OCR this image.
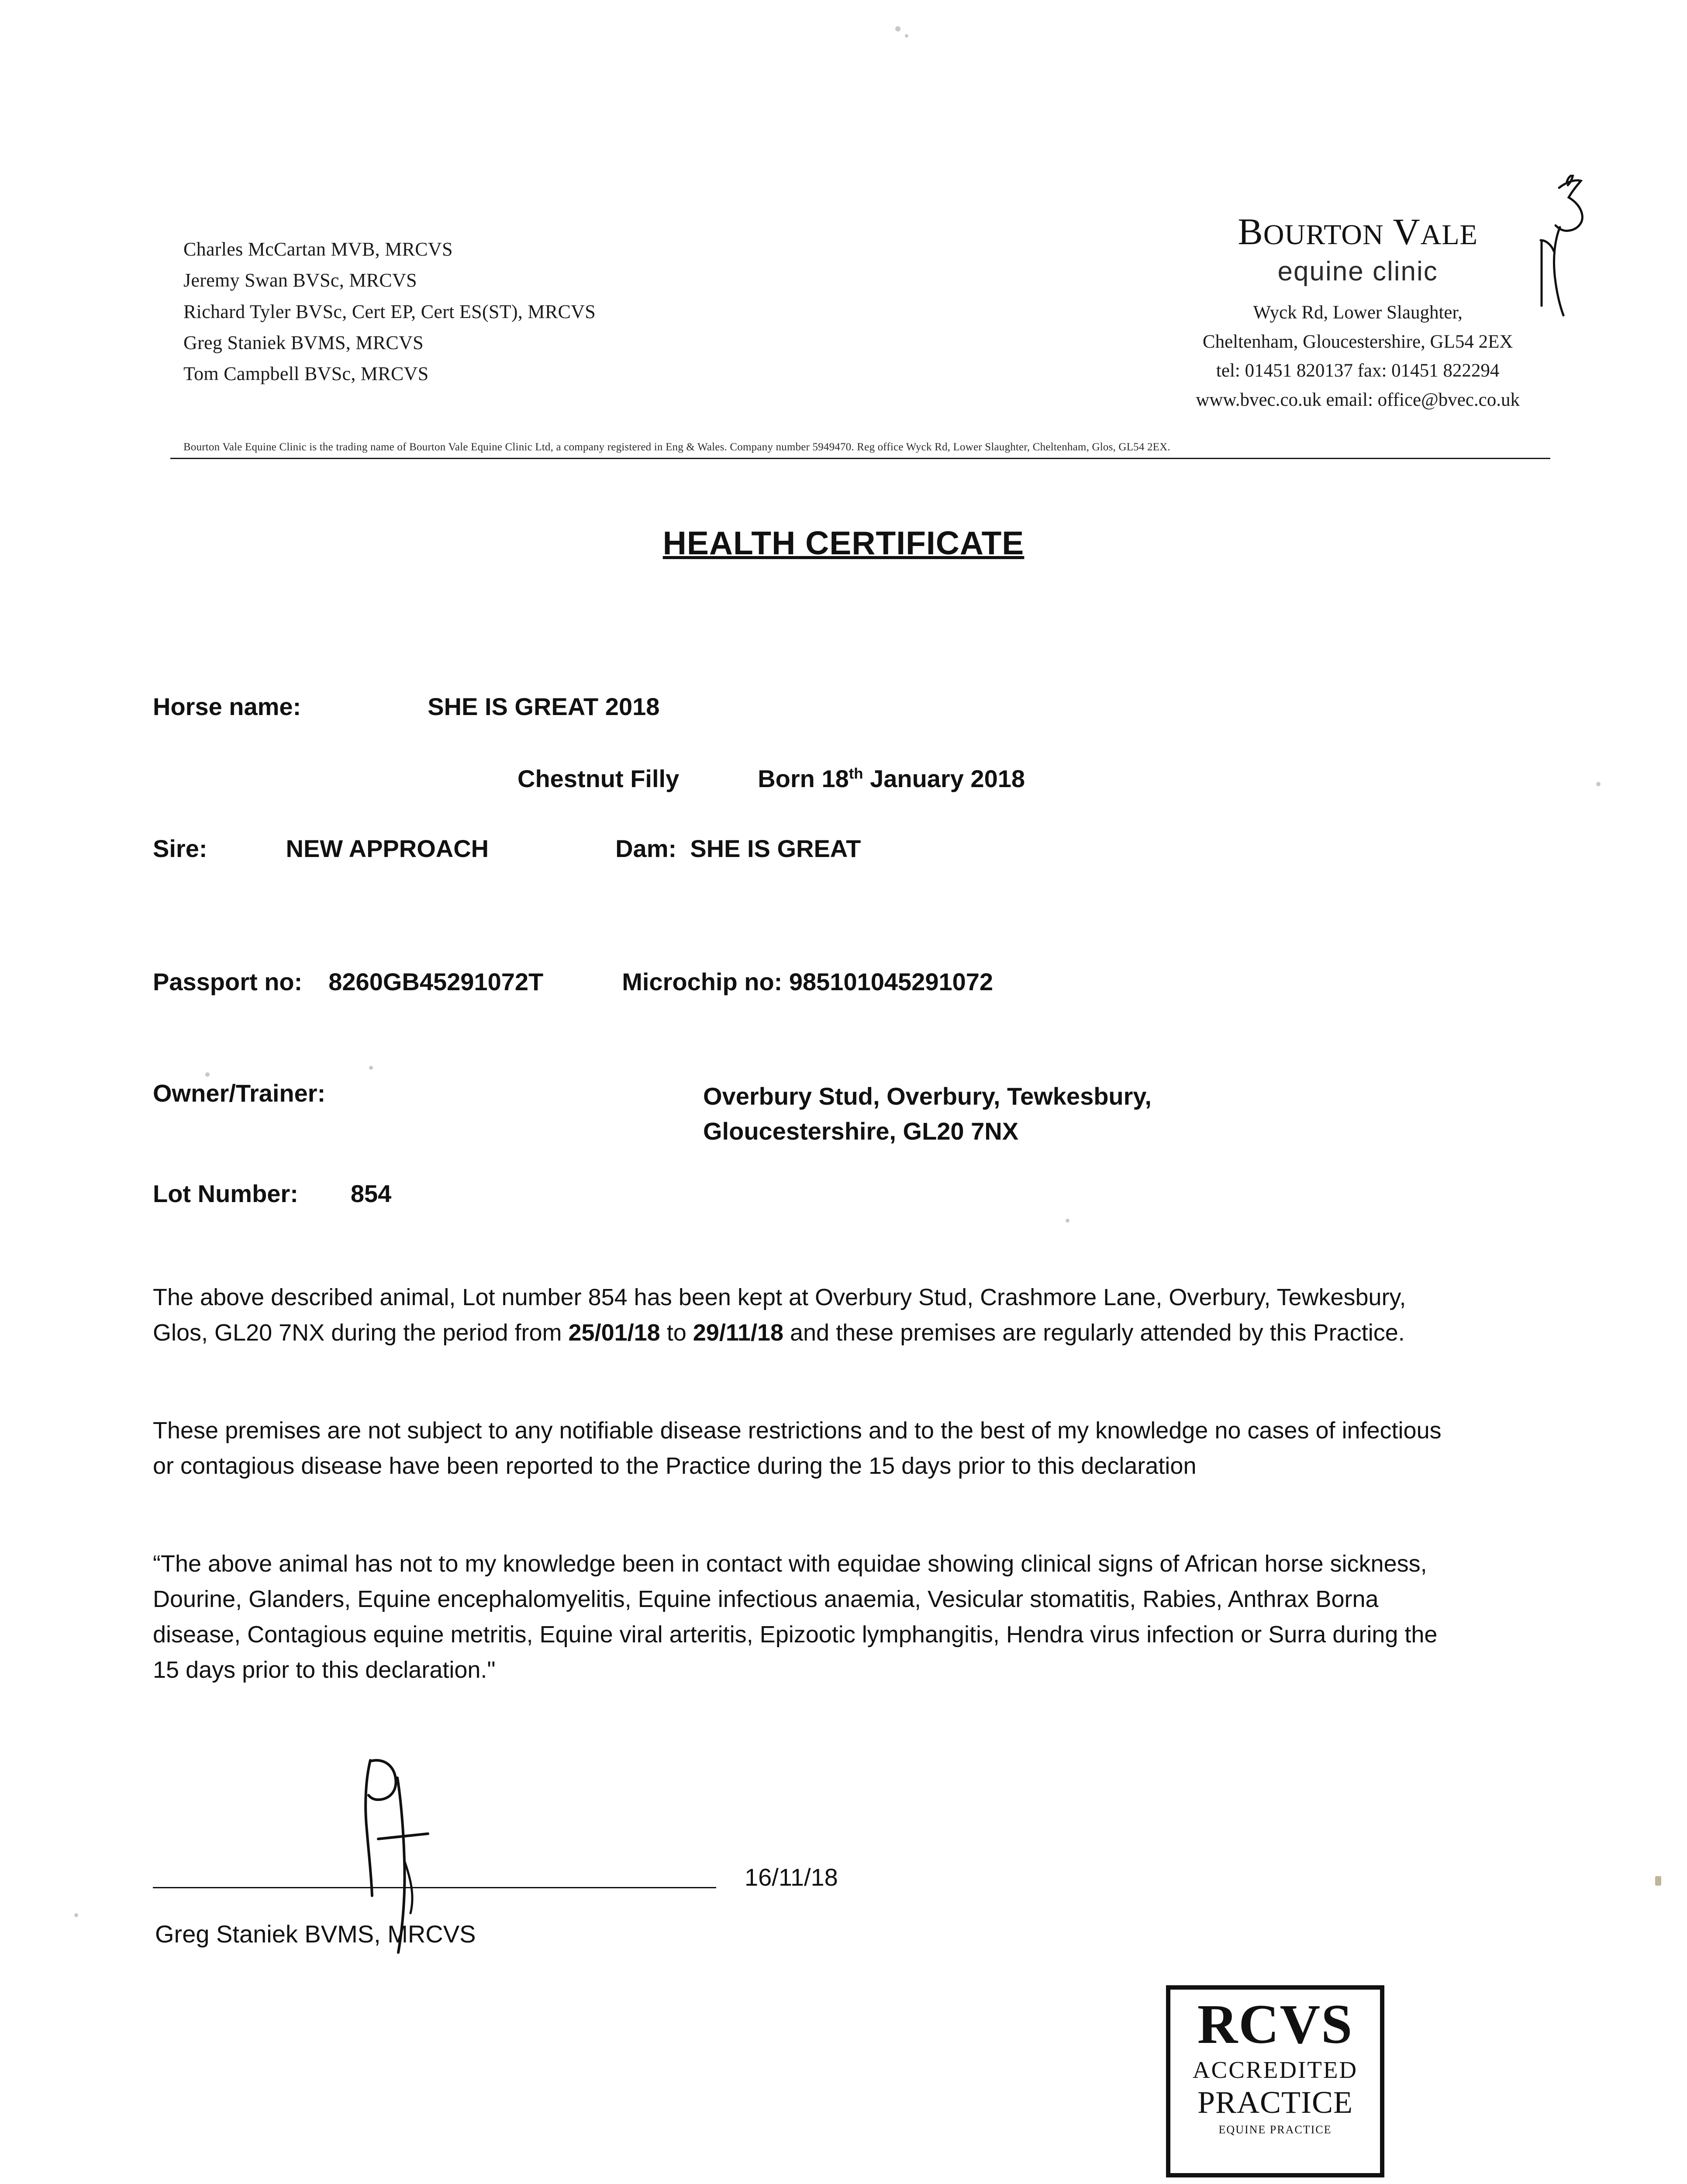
Charles McCartan MVB, MRCVS
Jeremy Swan BVSc, MRCVS
Richard Tyler BVSc, Cert EP, Cert ES(ST), MRCVS
Greg Staniek BVMS, MRCVS
Tom Campbell BVSc, MRCVS
BOURTON VALE
equine clinic
Wyck Rd, Lower Slaughter,
Cheltenham, Gloucestershire, GL54 2EX
tel: 01451 820137 fax: 01451 822294
www.bvec.co.uk email: office@bvec.co.uk
Bourton Vale Equine Clinic is the trading name of Bourton Vale Equine Clinic Ltd, a company registered in Eng & Wales. Company number 5949470. Reg office Wyck Rd, Lower Slaughter, Cheltenham, Glos, GL54 2EX.
HEALTH CERTIFICATE
Horse name:	SHE IS GREAT 2018
Chestnut Filly	Born 18th January 2018
Sire:	NEW APPROACH	Dam: SHE IS GREAT
Passport no: 8260GB45291072T	Microchip no: 985101045291072
Owner/Trainer:	Overbury Stud, Overbury, Tewkesbury,
Gloucestershire, GL20 7NX
Lot Number: 854
The above described animal, Lot number 854 has been kept at Overbury Stud, Crashmore Lane, Overbury, Tewkesbury, Glos, GL20 7NX during the period from 25/01/18 to 29/11/18 and these premises are regularly attended by this Practice.
These premises are not subject to any notifiable disease restrictions and to the best of my knowledge no cases of infectious or contagious disease have been reported to the Practice during the 15 days prior to this declaration
“The above animal has not to my knowledge been in contact with equidae showing clinical signs of African horse sickness, Dourine, Glanders, Equine encephalomyelitis, Equine infectious anaemia, Vesicular stomatitis, Rabies, Anthrax Borna disease, Contagious equine metritis, Equine viral arteritis, Epizootic lymphangitis, Hendra virus infection or Surra during the 15 days prior to this declaration."
16/11/18
Greg Staniek BVMS, MRCVS
RCVS
ACCREDITED
PRACTICE
EQUINE PRACTICE
